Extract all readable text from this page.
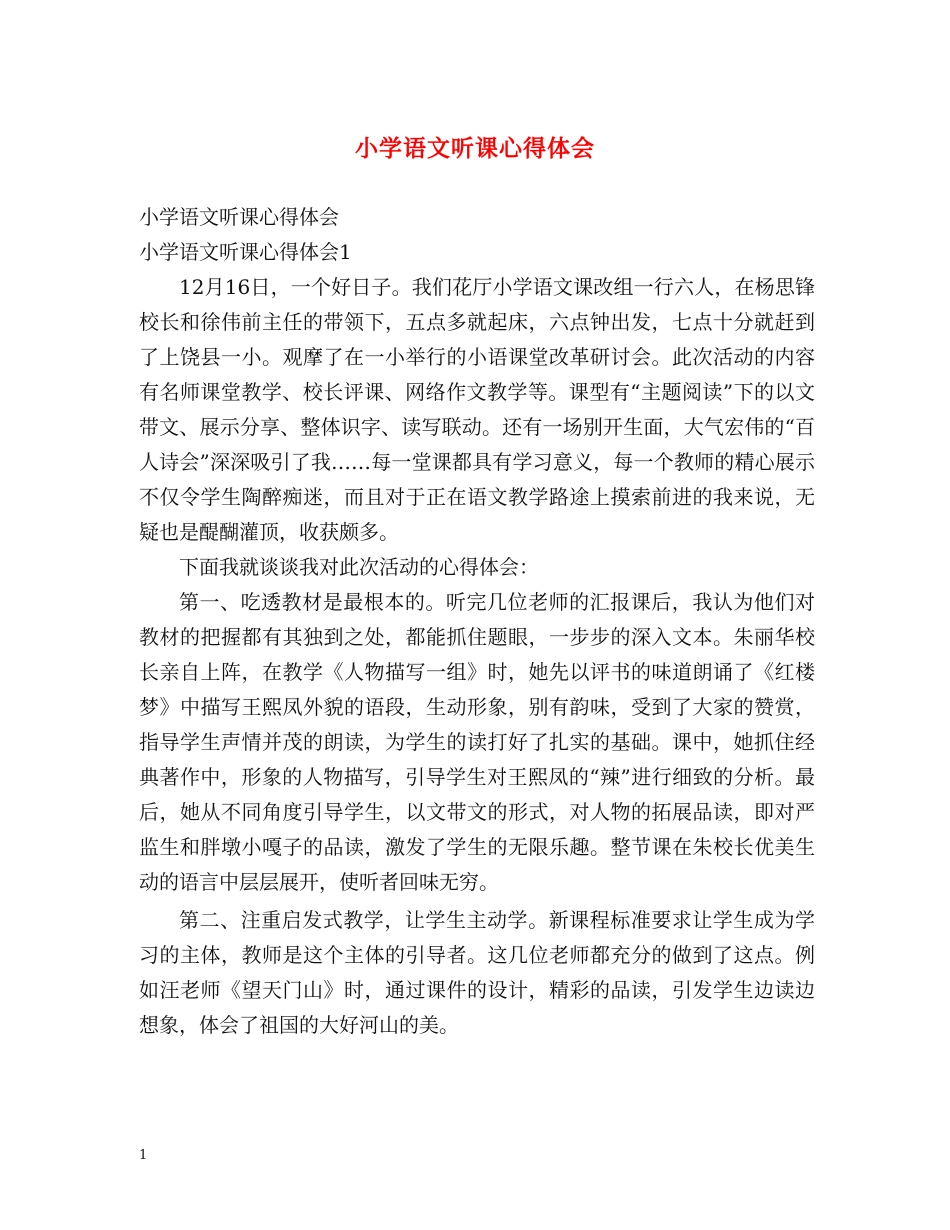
小学语文听课心得体会

小学语文听课心得体会

小学语文听课心得体会1

12月16日，一个好日子。我们花厅小学语文课改组一行六人，在杨思锋校长和徐伟前主任的带领下，五点多就起床，六点钟出发，七点十分就赶到了上饶县一小。观摩了在一小举行的小语课堂改革研讨会。此次活动的内容有名师课堂教学、校长评课、网络作文教学等。课型有“主题阅读”下的以文带文、展示分享、整体识字、读写联动。还有一场别开生面，大气宏伟的“百人诗会”深深吸引了我……每一堂课都具有学习意义，每一个教师的精心展示不仅令学生陶醉痴迷，而且对于正在语文教学路途上摸索前进的我来说，无疑也是醍醐灌顶，收获颇多。

下面我就谈谈我对此次活动的心得体会：

第一、吃透教材是最根本的。听完几位老师的汇报课后，我认为他们对教材的把握都有其独到之处，都能抓住题眼，一步步的深入文本。朱丽华校长亲自上阵，在教学《人物描写一组》时，她先以评书的味道朗诵了《红楼梦》中描写王熙凤外貌的语段，生动形象，别有韵味，受到了大家的赞赏，指导学生声情并茂的朗读，为学生的读打好了扎实的基础。课中，她抓住经典著作中，形象的人物描写，引导学生对王熙凤的“辣”进行细致的分析。最后，她从不同角度引导学生，以文带文的形式，对人物的拓展品读，即对严监生和胖墩小嘎子的品读，激发了学生的无限乐趣。整节课在朱校长优美生动的语言中层层展开，使听者回味无穷。

第二、注重启发式教学，让学生主动学。新课程标准要求让学生成为学习的主体，教师是这个主体的引导者。这几位老师都充分的做到了这点。例如汪老师《望天门山》时，通过课件的设计，精彩的品读，引发学生边读边想象，体会了祖国的大好河山的美。

1
